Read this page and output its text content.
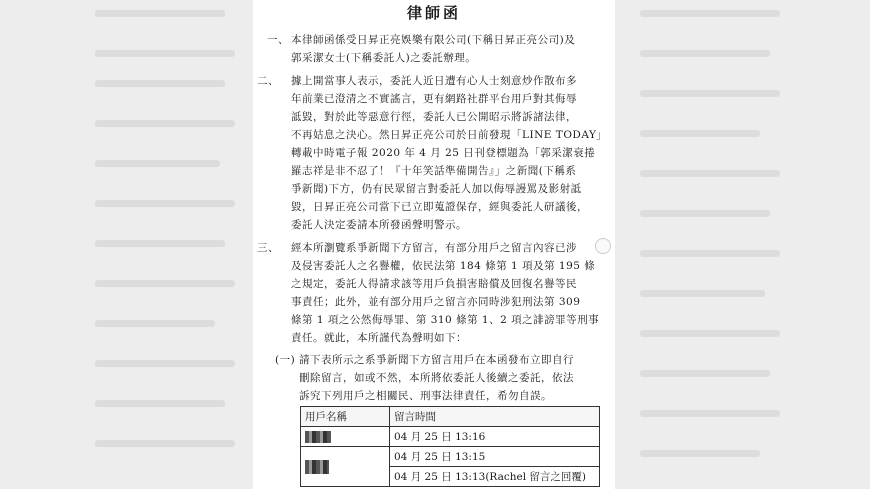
律師函
一、 本律師函係受日昇正亮娛樂有限公司(下稱日昇正亮公司)及
郭采潔女士(下稱委託人)之委託辦理。
二、 據上開當事人表示，委託人近日遭有心人士刻意炒作散布多
年前業已澄清之不實謠言，更有網路社群平台用戶對其侮辱
詆毀，對於此等惡意行徑，委託人已公開昭示將訴諸法律，
不再姑息之決心。然日昇正亮公司於日前發現「LINE TODAY」
轉載中時電子報 2020 年 4 月 25 日刊登標題為「郭采潔衰捲
羅志祥是非不忍了！『十年笑話準備開告』」之新聞(下稱系
爭新聞)下方，仍有民眾留言對委託人加以侮辱謾罵及影射詆
毀，日昇正亮公司當下已立即蒐證保存，經與委託人研議後，
委託人決定委請本所發函聲明警示。
三、 經本所瀏覽系爭新聞下方留言，有部分用戶之留言內容已涉
及侵害委託人之名譽權，依民法第 184 條第 1 項及第 195 條
之規定，委託人得請求該等用戶負損害賠償及回復名譽等民
事責任；此外，並有部分用戶之留言亦同時涉犯刑法第 309
條第 1 項之公然侮辱罪、第 310 條第 1、2 項之誹謗罪等刑事
責任。就此，本所謹代為聲明如下：
(一) 請下表所示之系爭新聞下方留言用戶在本函發布立即自行
刪除留言，如或不然，本所將依委託人後續之委託，依法
訴究下列用戶之相關民、刑事法律責任，希勿自誤。
用戶名稱	留言時間
	04 月 25 日 13:16
	04 月 25 日 13:15
	04 月 25 日 13:13(Rachel 留言之回覆)
